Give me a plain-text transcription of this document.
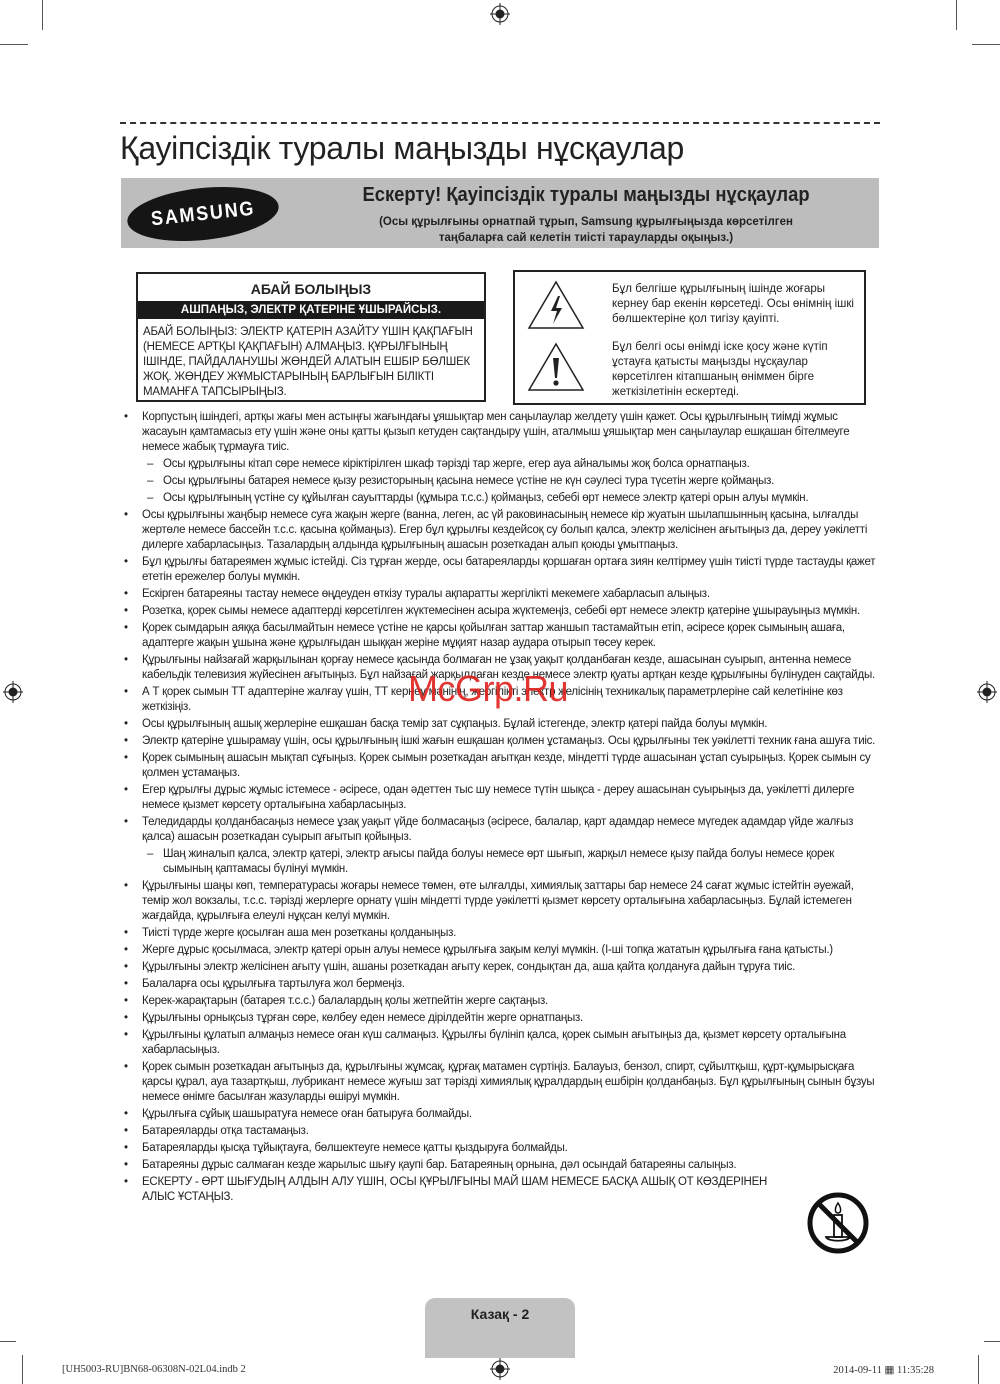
Қауіпсіздік туралы маңызды нұсқаулар
SAMSUNG
Ескерту! Қауіпсіздік туралы маңызды нұсқаулар
(Осы құрылғыны орнатпай тұрып, Samsung құрылғыңызда көрсетілген
таңбаларға сай келетін тиісті тарауларды оқыңыз.)
АБАЙ БОЛЫҢЫЗ
АШПАҢЫЗ, ЭЛЕКТР ҚАТЕРІНЕ ҰШЫРАЙСЫЗ.
АБАЙ БОЛЫҢЫЗ: ЭЛЕКТР ҚАТЕРІН АЗАЙТУ ҮШІН ҚАҚПАҒЫН (НЕМЕСЕ АРТҚЫ ҚАҚПАҒЫН) АЛМАҢЫЗ. ҚҰРЫЛҒЫНЫҢ ІШІНДЕ, ПАЙДАЛАНУШЫ ЖӨНДЕЙ АЛАТЫН ЕШБІР БӨЛШЕК ЖОҚ. ЖӨНДЕУ ЖҰМЫСТАРЫНЫҢ БАРЛЫҒЫН БІЛІКТІ МАМАНҒА ТАПСЫРЫҢЫЗ.
Бұл белгіше құрылғының ішінде жоғары кернеу бар екенін көрсетеді. Осы өнімнің ішкі бөлшектеріне қол тигізу қауіпті.
Бұл белгі осы өнімді іске қосу және күтіп ұстауға қатысты маңызды нұсқаулар көрсетілген кітапшаның өніммен бірге жеткізілетінін ескертеді.
• Корпустың ішіндегі, артқы жағы мен астыңғы жағындағы ұяшықтар мен саңылаулар желдету үшін қажет. Осы құрылғының тиімді жұмыс жасауын қамтамасыз ету үшін және оны қатты қызып кетуден сақтандыру үшін, аталмыш ұяшықтар мен саңылаулар ешқашан бітелмеуге немесе жабық тұрмауға тиіс.
– Осы құрылғыны кітап сөре немесе кіріктірілген шкаф тәрізді тар жерге, егер ауа айналымы жоқ болса орнатпаңыз.
– Осы құрылғыны батарея немесе қызу резисторының қасына немесе үстіне не күн сәулесі тура түсетін жерге қоймаңыз.
– Осы құрылғының үстіне су құйылған сауыттарды (құмыра т.с.с.) қоймаңыз, себебі өрт немесе электр қатері орын алуы мүмкін.
• Осы құрылғыны жаңбыр немесе суға жақын жерге (ванна, леген, ас үй раковинасының немесе кір жуатын шылапшынның қасына, ылғалды жертөле немесе бассейн т.с.с. қасына қоймаңыз). Егер бұл құрылғы кездейсоқ су болып қалса, электр желісінен ағытыңыз да, дереу уәкілетті дилерге хабарласыңыз. Тазалардың алдында құрылғының ашасын розеткадан алып қоюды ұмытпаңыз.
• Бұл құрылғы батареямен жұмыс істейді. Сіз тұрған жерде, осы батареяларды қоршаған ортаға зиян келтірмеу үшін тиісті түрде тастауды қажет ететін ережелер болуы мүмкін.
• Ескірген батареяны тастау немесе өңдеуден өткізу туралы ақпаратты жергілікті мекемеге хабарласып алыңыз.
• Розетка, қорек сымы немесе адаптерді көрсетілген жүктемесінен асыра жүктемеңіз, себебі өрт немесе электр қатеріне ұшырауыңыз мүмкін.
• Қорек сымдарын аяққа басылмайтын немесе үстіне не қарсы қойылған заттар жаншып тастамайтын етіп, әсіресе қорек сымының ашаға, адаптерге жақын ұшына және құрылғыдан шыққан жеріне мұқият назар аудара отырып төсеу керек.
• Құрылғыны найзағай жарқылынан қорғау немесе қасында болмаған не ұзақ уақыт қолданбаған кезде, ашасынан суырып, антенна немесе кабельдік телевизия жүйесінен ағытыңыз. Бұл найзағай жарқылдаған кезде немесе электр қуаты артқан кезде құрылғыны бүлінуден сақтайды.
• А Т қорек сымын ТТ адаптеріне жалғау үшін, ТТ кернеу мәнінің, жергілікті электр желісінің техникалық параметрлеріне сай келетініне көз жеткізіңіз.
• Осы құрылғының ашық жерлеріне ешқашан басқа темір зат сұқпаңыз. Бұлай істегенде, электр қатері пайда болуы мүмкін.
• Электр қатеріне ұшырамау үшін, осы құрылғының ішкі жағын ешқашан қолмен ұстамаңыз. Осы құрылғыны тек уәкілетті техник ғана ашуға тиіс.
• Қорек сымының ашасын мықтап сұғыңыз. Қорек сымын розеткадан ағытқан кезде, міндетті түрде ашасынан ұстап суырыңыз. Қорек сымын су қолмен ұстамаңыз.
• Егер құрылғы дұрыс жұмыс істемесе - әсіресе, одан әдеттен тыс шу немесе түтін шықса - дереу ашасынан суырыңыз да, уәкілетті дилерге немесе қызмет көрсету орталығына хабарласыңыз.
• Теледидарды қолданбасаңыз немесе ұзақ уақыт үйде болмасаңыз (әсіресе, балалар, қарт адамдар немесе мүгедек адамдар үйде жалғыз қалса) ашасын розеткадан суырып ағытып қойыңыз.
– Шаң жиналып қалса, электр қатері, электр ағысы пайда болуы немесе өрт шығып, жарқыл немесе қызу пайда болуы немесе қорек сымының қаптамасы бүлінуі мүмкін.
• Құрылғыны шаңы көп, температурасы жоғары немесе төмен, өте ылғалды, химиялық заттары бар немесе 24 сағат жұмыс істейтін әуежай, темір жол вокзалы, т.с.с. тәрізді жерлерге орнату үшін міндетті түрде уәкілетті қызмет көрсету орталығына хабарласыңыз. Бұлай істемеген жағдайда, құрылғыға елеулі нұқсан келуі мүмкін.
• Тиісті түрде жерге қосылған аша мен розетканы қолданыңыз.
• Жерге дұрыс қосылмаса, электр қатері орын алуы немесе құрылғыға зақым келуі мүмкін. (I-ші топқа жататын құрылғыға ғана қатысты.)
• Құрылғыны электр желісінен ағыту үшін, ашаны розеткадан ағыту керек, сондықтан да, аша қайта қолдануға дайын тұруға тиіс.
• Балаларға осы құрылғыға тартылуға жол бермеңіз.
• Керек-жарақтарын (батарея т.с.с.) балалардың қолы жетпейтін жерге сақтаңыз.
• Құрылғыны орнықсыз тұрған сөре, көлбеу еден немесе дірілдейтін жерге орнатпаңыз.
• Құрылғыны құлатып алмаңыз немесе оған күш салмаңыз. Құрылғы бүлініп қалса, қорек сымын ағытыңыз да, қызмет көрсету орталығына хабарласыңыз.
• Қорек сымын розеткадан ағытыңыз да, құрылғыны жұмсақ, құрғақ матамен сүртіңіз. Балауыз, бензол, спирт, сұйылтқыш, құрт-құмырысқаға қарсы құрал, ауа тазартқыш, лубрикант немесе жуғыш зат тәрізді химиялық құралдардың ешбірін қолданбаңыз. Бұл құрылғының сынын бұзуы немесе өнімге басылған жазуларды өшіруі мүмкін.
• Құрылғыға сұйық шашыратуға немесе оған батыруға болмайды.
• Батареяларды отқа тастамаңыз.
• Батареяларды қысқа тұйықтауға, бөлшектеуге немесе қатты қыздыруға болмайды.
• Батареяны дұрыс салмаған кезде жарылыс шығу қаупі бар. Батареяның орнына, дәл осындай батареяны салыңыз.
• ЕСКЕРТУ - ӨРТ ШЫҒУДЫҢ АЛДЫН АЛУ ҮШІН, ОСЫ ҚҰРЫЛҒЫНЫ МАЙ ШАМ НЕМЕСЕ БАСҚА АШЫҚ ОТ КӨЗДЕРІНЕН АЛЫС ҰСТАҢЫЗ.
McGrp.Ru
Казақ - 2
[UH5003-RU]BN68-06308N-02L04.indb 2	2014-09-11 ▦ 11:35:28
